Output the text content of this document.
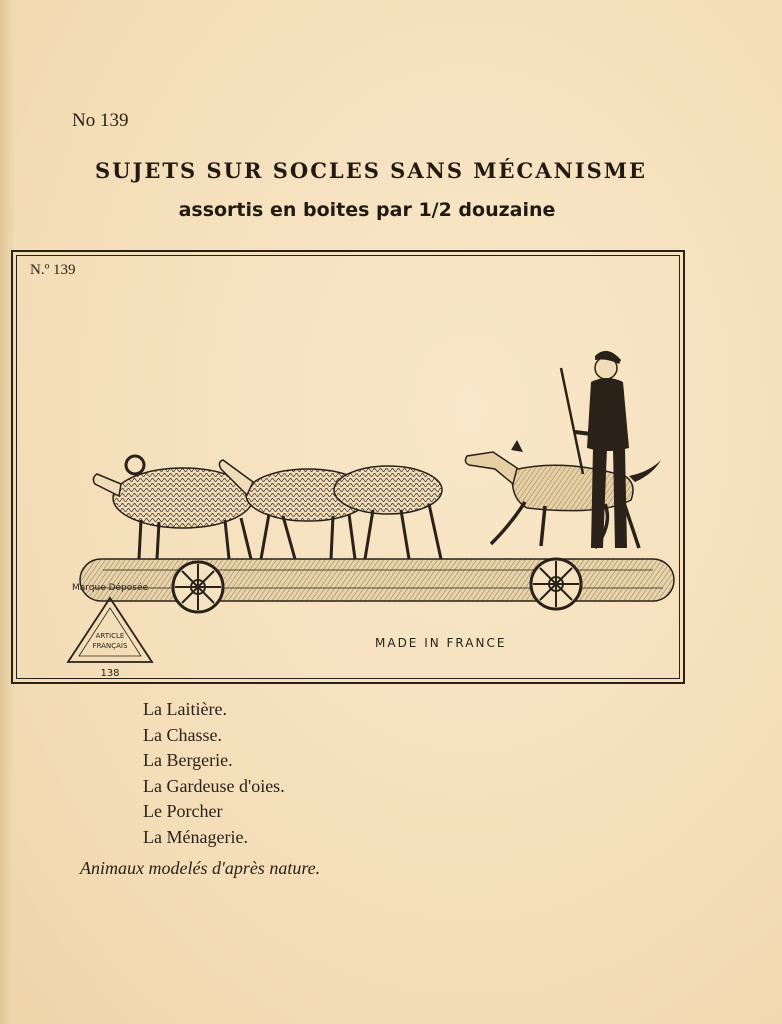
No 139
SUJETS SUR SOCLES SANS MÉCANISME
assortis en boites par 1/2 douzaine
N.º 139
Marque Déposée
ARTICLE
FRANÇAIS
138
MADE IN FRANCE
La Laitière.
La Chasse.
La Bergerie.
La Gardeuse d'oies.
Le Porcher
La Ménagerie.
Animaux modelés d'après nature.
